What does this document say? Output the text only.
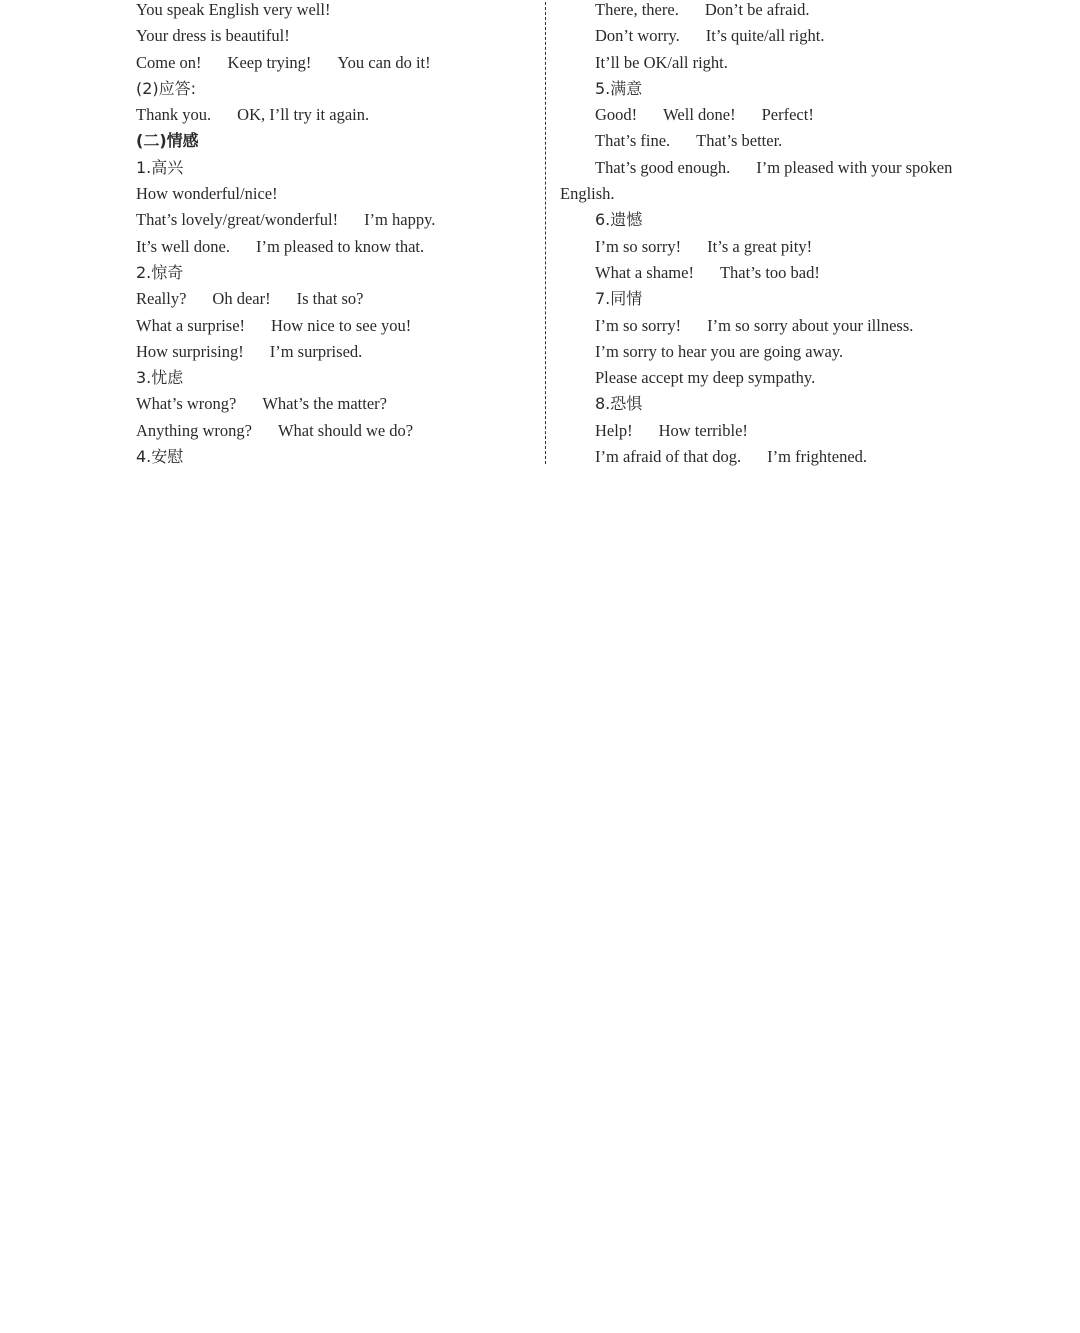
You speak English very well!
Your dress is beautiful!
Come on! Keep trying! You can do it!
(2)应答:
Thank you. OK, I’ll try it again.
(二)情感
1.高兴
How wonderful/nice!
That’s lovely/great/wonderful! I’m happy.
It’s well done. I’m pleased to know that.
2.惊奇
Really? Oh dear! Is that so?
What a surprise! How nice to see you!
How surprising! I’m surprised.
3.忧虑
What’s wrong? What’s the matter?
Anything wrong? What should we do?
4.安慰
There, there. Don’t be afraid.
Don’t worry. It’s quite/all right.
It’ll be OK/all right.
5.满意
Good! Well done! Perfect!
That’s fine. That’s better.
That’s good enough. I’m pleased with your spoken
English.
6.遗憾
I’m so sorry! It’s a great pity!
What a shame! That’s too bad!
7.同情
I’m so sorry! I’m so sorry about your illness.
I’m sorry to hear you are going away.
Please accept my deep sympathy.
8.恐惧
Help! How terrible!
I’m afraid of that dog. I’m frightened.
